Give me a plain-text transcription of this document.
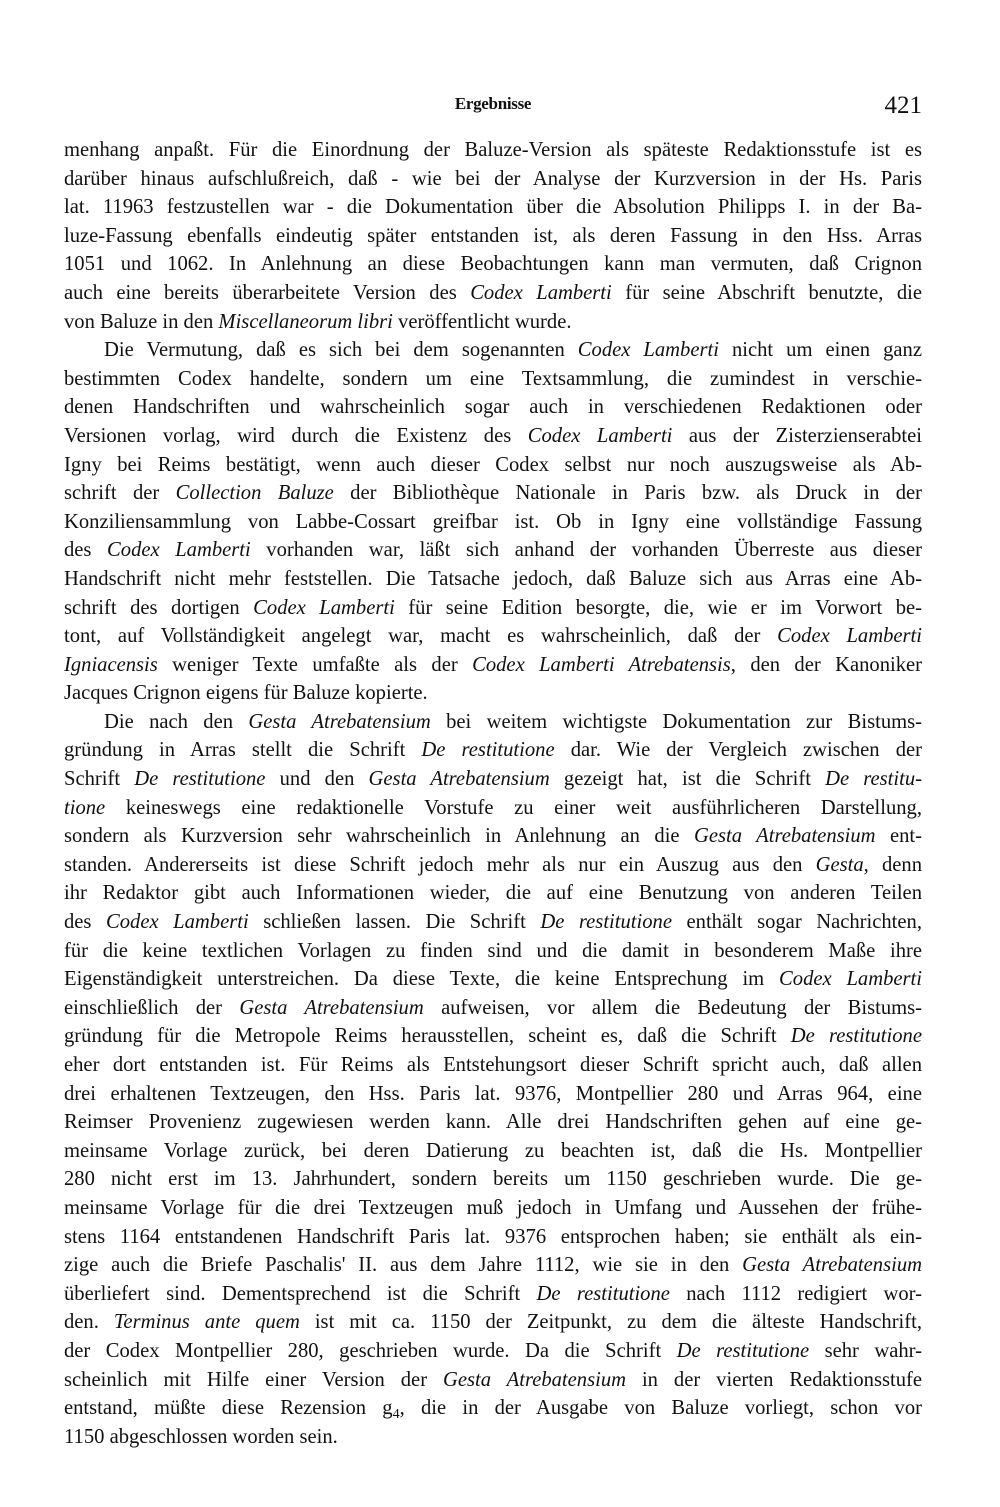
Ergebnisse	421
menhang anpaßt. Für die Einordnung der Baluze-Version als späteste Redaktionsstufe ist es
darüber hinaus aufschlußreich, daß - wie bei der Analyse der Kurzversion in der Hs. Paris
lat. 11963 festzustellen war - die Dokumentation über die Absolution Philipps I. in der Ba-
luze-Fassung ebenfalls eindeutig später entstanden ist, als deren Fassung in den Hss. Arras
1051 und 1062. In Anlehnung an diese Beobachtungen kann man vermuten, daß Crignon
auch eine bereits überarbeitete Version des Codex Lamberti für seine Abschrift benutzte, die
von Baluze in den Miscellaneorum libri veröffentlicht wurde.
Die Vermutung, daß es sich bei dem sogenannten Codex Lamberti nicht um einen ganz
bestimmten Codex handelte, sondern um eine Textsammlung, die zumindest in verschie-
denen Handschriften und wahrscheinlich sogar auch in verschiedenen Redaktionen oder
Versionen vorlag, wird durch die Existenz des Codex Lamberti aus der Zisterzienserabtei
Igny bei Reims bestätigt, wenn auch dieser Codex selbst nur noch auszugsweise als Ab-
schrift der Collection Baluze der Bibliothèque Nationale in Paris bzw. als Druck in der
Konziliensammlung von Labbe-Cossart greifbar ist. Ob in Igny eine vollständige Fassung
des Codex Lamberti vorhanden war, läßt sich anhand der vorhanden Überreste aus dieser
Handschrift nicht mehr feststellen. Die Tatsache jedoch, daß Baluze sich aus Arras eine Ab-
schrift des dortigen Codex Lamberti für seine Edition besorgte, die, wie er im Vorwort be-
tont, auf Vollständigkeit angelegt war, macht es wahrscheinlich, daß der Codex Lamberti
Igniacensis weniger Texte umfaßte als der Codex Lamberti Atrebatensis, den der Kanoniker
Jacques Crignon eigens für Baluze kopierte.
Die nach den Gesta Atrebatensium bei weitem wichtigste Dokumentation zur Bistums-
gründung in Arras stellt die Schrift De restitutione dar. Wie der Vergleich zwischen der
Schrift De restitutione und den Gesta Atrebatensium gezeigt hat, ist die Schrift De restitu-
tione keineswegs eine redaktionelle Vorstufe zu einer weit ausführlicheren Darstellung,
sondern als Kurzversion sehr wahrscheinlich in Anlehnung an die Gesta Atrebatensium ent-
standen. Andererseits ist diese Schrift jedoch mehr als nur ein Auszug aus den Gesta, denn
ihr Redaktor gibt auch Informationen wieder, die auf eine Benutzung von anderen Teilen
des Codex Lamberti schließen lassen. Die Schrift De restitutione enthält sogar Nachrichten,
für die keine textlichen Vorlagen zu finden sind und die damit in besonderem Maße ihre
Eigenständigkeit unterstreichen. Da diese Texte, die keine Entsprechung im Codex Lamberti
einschließlich der Gesta Atrebatensium aufweisen, vor allem die Bedeutung der Bistums-
gründung für die Metropole Reims herausstellen, scheint es, daß die Schrift De restitutione
eher dort entstanden ist. Für Reims als Entstehungsort dieser Schrift spricht auch, daß allen
drei erhaltenen Textzeugen, den Hss. Paris lat. 9376, Montpellier 280 und Arras 964, eine
Reimser Provenienz zugewiesen werden kann. Alle drei Handschriften gehen auf eine ge-
meinsame Vorlage zurück, bei deren Datierung zu beachten ist, daß die Hs. Montpellier
280 nicht erst im 13. Jahrhundert, sondern bereits um 1150 geschrieben wurde. Die ge-
meinsame Vorlage für die drei Textzeugen muß jedoch in Umfang und Aussehen der frühe-
stens 1164 entstandenen Handschrift Paris lat. 9376 entsprochen haben; sie enthält als ein-
zige auch die Briefe Paschalis' II. aus dem Jahre 1112, wie sie in den Gesta Atrebatensium
überliefert sind. Dementsprechend ist die Schrift De restitutione nach 1112 redigiert wor-
den. Terminus ante quem ist mit ca. 1150 der Zeitpunkt, zu dem die älteste Handschrift,
der Codex Montpellier 280, geschrieben wurde. Da die Schrift De restitutione sehr wahr-
scheinlich mit Hilfe einer Version der Gesta Atrebatensium in der vierten Redaktionsstufe
entstand, müßte diese Rezension $g_4$, die in der Ausgabe von Baluze vorliegt, schon vor
1150 abgeschlossen worden sein.
